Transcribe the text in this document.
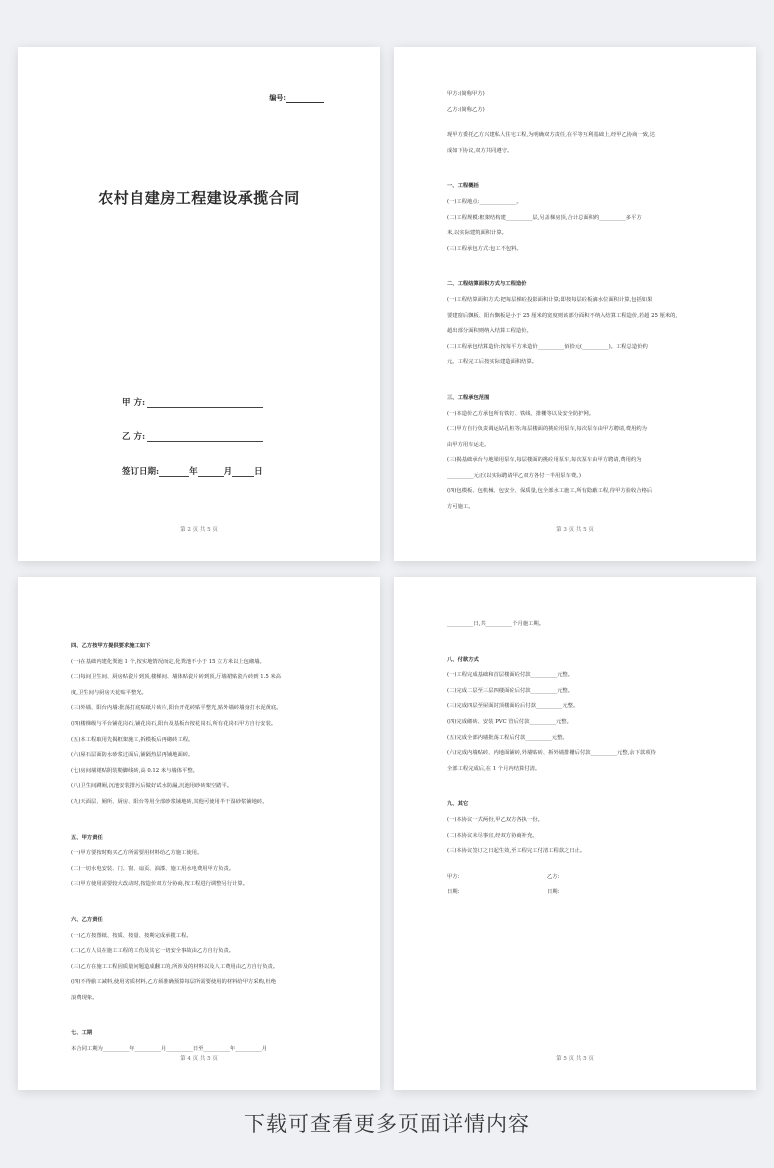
编号:
农村自建房工程建设承揽合同
甲 方:
乙 方:
签订日期:	年	月	日
第 2 页 共 5 页
甲方:(简称甲方)
乙方:(简称乙方)
现甲方委托乙方兴建私人住宅工程,为明确双方责任,在平等互利基础上,经甲乙协商一致,达
成如下协议,双方共同遵守。
一、工程概括
(一)工程地点:______________。
(二)工程规模:框架结构建__________层,另盖梯房顶,合计总面积约__________多平方
米,以实际建筑面积计算。
(三)工程承包方式:包工不包料。
二、工程结算面积方式与工程造价
(一)工程结算面积方式:把每层梯砼投影面积计算;即按每层砼板滴水位面积计算,包括如果
要建窗后飘板、阳台飘板是小于 25 厘米的宽度则该部分面积不纳入结算工程造价,若超 25 厘米的,
超出部分面积则纳入结算工程造价。
(二)工程承包结算造价:按每平方米造价__________佰拾元(__________)。工程总造价约
元。工程完工后按实际建造面积结算。
三、工程承包范围
(一)本造价乙方承包所有铁钉、铁线、排栅等以及安全防护网。
(二)甲方自行负责调运钻孔桩等;每层楼面的挑砼用泵车,每次泵车由甲方聘请,费用约为
由甲方用车运走。
(三)揭基础承台与地梁用泵车,每层楼面的挑砼用泵车,每次泵车由甲方聘请,费用约为
__________元正(以实际聘请甲乙双方各付一半用泵车费。)
(四)包模板、包机械、包安全、保质量,包全部水工施工,所有隐蔽工程,待甲方验收合格后
方可施工。
第 3 页 共 5 页
四、乙方按甲方提供要求施工如下
(一)在基础内建化粪池 1 个,按实地情况而定,化粪池不小于 15 立方米以上包砌墙。
(二)每间卫生间、厨房贴瓷片到顶,楼梯间、墙体贴瓷片砖到顶,厅墙裙贴瓷片砖到 1.5 米高
度,卫生间与厨房天花贴平整光。
(三)外墙、阳台内墙:批荡打底贴纸片砖片,阳台开花砖贴平整光,贴外墙砖墙身打水泥黄底。
(四)楼梯级与平台铺花岗石,铺花岗石,阳台及基板台按花岗石,所有花岗石甲方自行安装。
(五)本工程取用先揭框架施工,拆模板后再砌砖工程。
(六)屋石层面防水砂浆过面后,铺隔热层再铺地面砖。
(七)房间墙裙贴阴装勒脚线砖,高 0.12 米与墙体平整。
(八)卫生间蹲厕,沉池安装排污后做好试水防漏,沉池用砂砖架空踏平。
(九)天面层、厕所、厨房、阳台等用全部砂浆铺地砖,其他可使用半干湿砂浆铺地砖。
五、甲方责任
(一)甲方要按时购买乙方所需要用材料给乙方施工使用。
(二)一切水电安装、门、窗、扇页、油漆、施工用水电费用甲方负责。
(三)甲方使用需要较大改动时,按造价双方分协商,按工程进行调整另行计算。
六、乙方责任
(一)乙方按图纸、按质、按量、按期完成承揽工程。
(二)乙方人员在施工工程的工伤及其它一切安全事故由乙方自行负责。
(三)乙方在施工工程因质量问题造成翻工的,所涉及的材料以及人工费用由乙方自行负责。
(四)不得偷工减料,使用劣质材料,乙方须准确预算每层所需要使用的材料给甲方采购,杜绝
浪费现象。
七、工期
本合同工期为__________年__________月__________日至__________年__________月
第 4 页 共 5 页
__________日,共__________个月施工期。
八、付款方式
(一)工程完成基础和首层楼面砼付款__________元整。
(二)完成二层至三层四楼面砼后付款__________元整。
(三)完成四层至屋面封顶楼面砼后付款__________元整。
(四)完成砌砖、安装 PVC 管后付款__________元整。
(五)完成全部内墙批荡工程后付款__________元整。
(六)完成内墙贴砖、内地面铺砖,外墙贴砖、拆外墙排栅后付款__________元整,余下款项待
全部工程完成后,在 1 个月内结算付清。
九、其它
(一)本协议一式两份,甲乙双方各执一份。
(二)本协议未尽事宜,经双方协商补充。
(三)本协议签订之日起生效,至工程完工付清工程款之日止。
甲方:	乙方:
日期:	日期:
第 5 页 共 5 页
下载可查看更多页面详情内容
